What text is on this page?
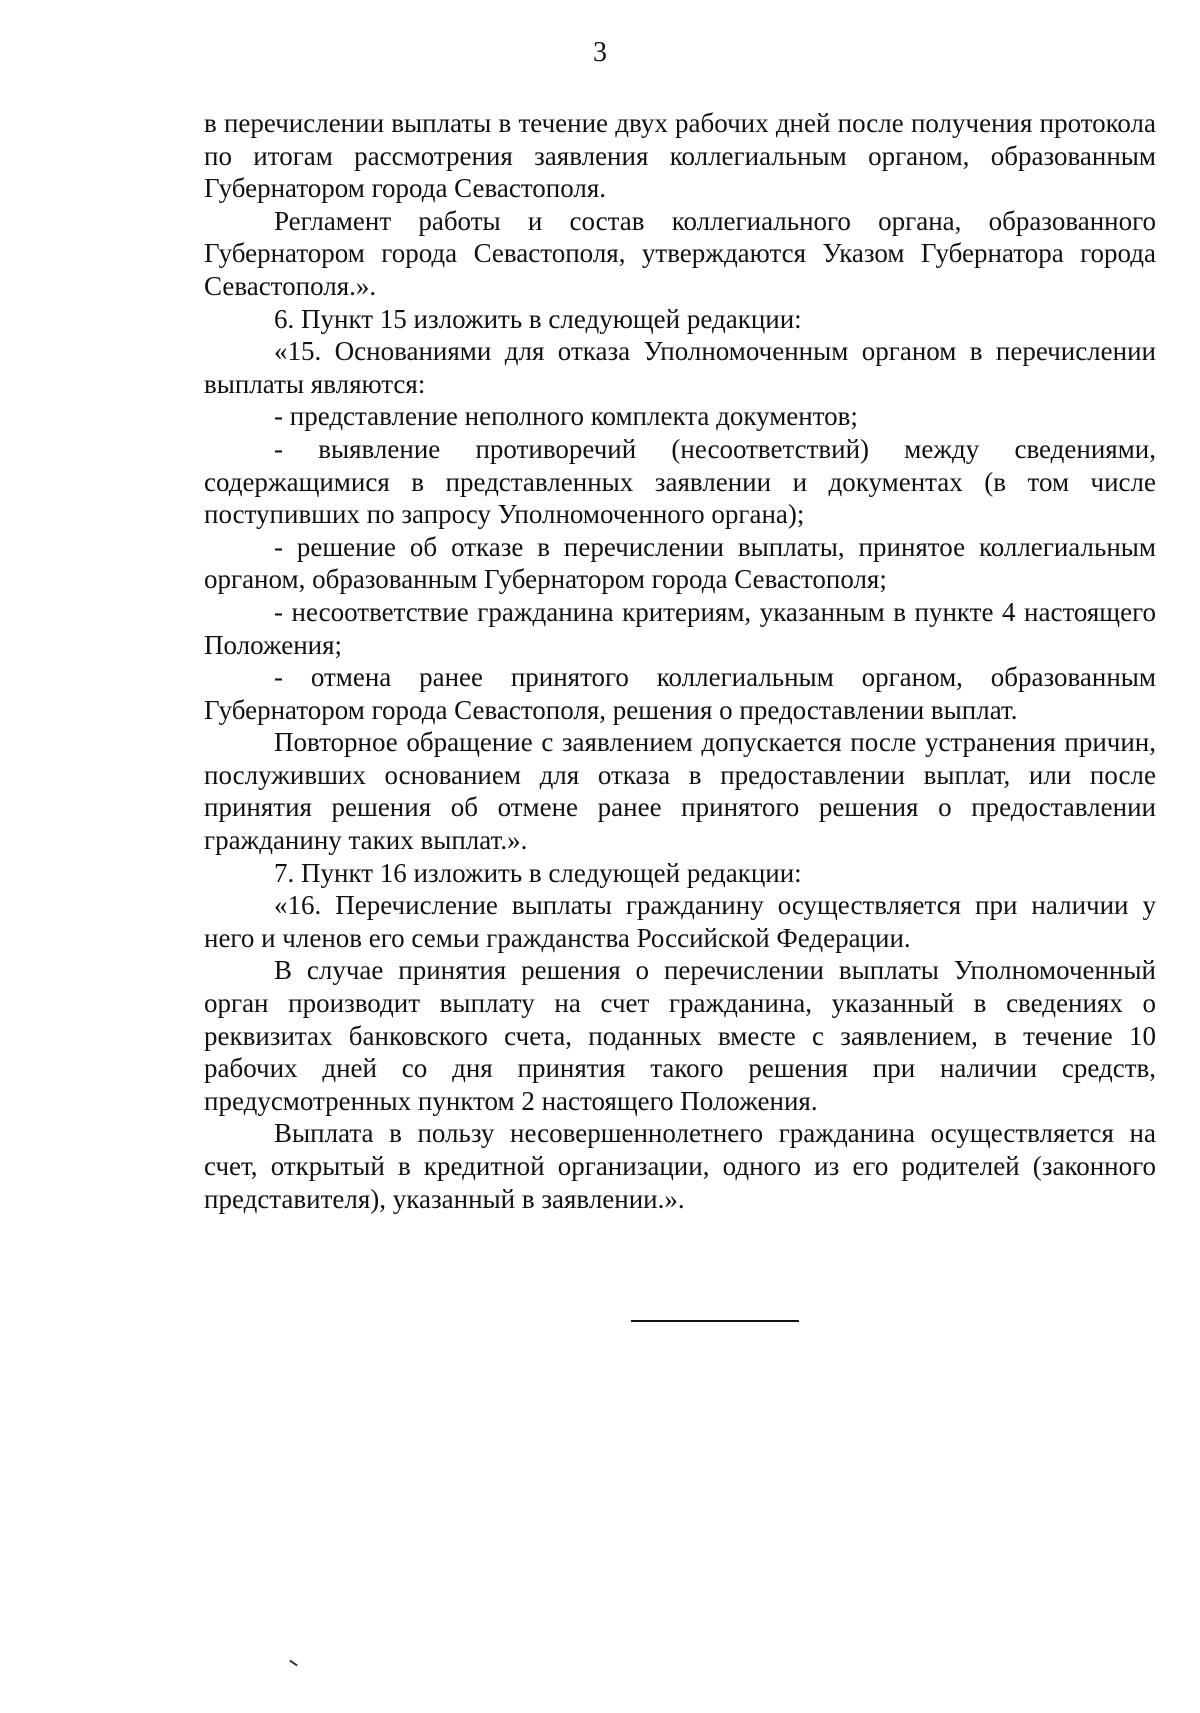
3

в перечислении выплаты в течение двух рабочих дней после получения протокола по итогам рассмотрения заявления коллегиальным органом, образованным Губернатором города Севастополя.

Регламент работы и состав коллегиального органа, образованного Губернатором города Севастополя, утверждаются Указом Губернатора города Севастополя.».

6. Пункт 15 изложить в следующей редакции:

«15. Основаниями для отказа Уполномоченным органом в перечислении выплаты являются:

- представление неполного комплекта документов;

- выявление противоречий (несоответствий) между сведениями, содержащимися в представленных заявлении и документах (в том числе поступивших по запросу Уполномоченного органа);

- решение об отказе в перечислении выплаты, принятое коллегиальным органом, образованным Губернатором города Севастополя;

- несоответствие гражданина критериям, указанным в пункте 4 настоящего Положения;

- отмена ранее принятого коллегиальным органом, образованным Губернатором города Севастополя, решения о предоставлении выплат.

Повторное обращение с заявлением допускается после устранения причин, послуживших основанием для отказа в предоставлении выплат, или после принятия решения об отмене ранее принятого решения о предоставлении гражданину таких выплат.».

7. Пункт 16 изложить в следующей редакции:

«16. Перечисление выплаты гражданину осуществляется при наличии у него и членов его семьи гражданства Российской Федерации.

В случае принятия решения о перечислении выплаты Уполномоченный орган производит выплату на счет гражданина, указанный в сведениях о реквизитах банковского счета, поданных вместе с заявлением, в течение 10 рабочих дней со дня принятия такого решения при наличии средств, предусмотренных пунктом 2 настоящего Положения.

Выплата в пользу несовершеннолетнего гражданина осуществляется на счет, открытый в кредитной организации, одного из его родителей (законного представителя), указанный в заявлении.».
